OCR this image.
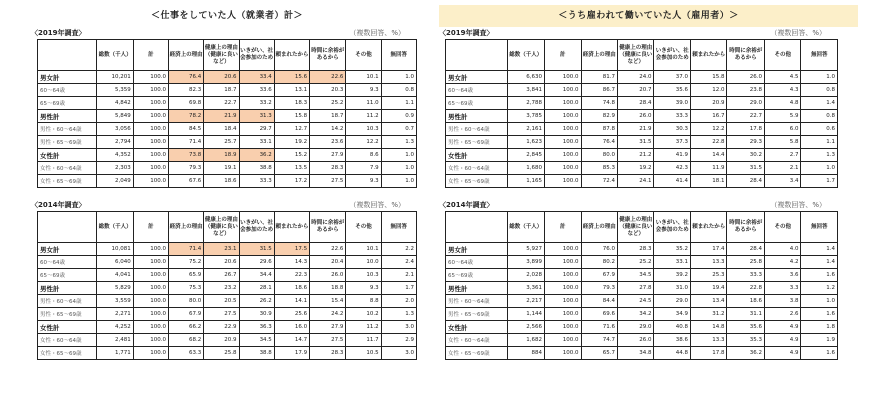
＜仕事をしていた人（就業者）計＞
〈2019年調査〉	（複数回答、%）
	総数（千人）	計	経済上の理由	健康上の理由（健康に良いなど）	いきがい、社会参加のため	頼まれたから	時間に余裕があるから	その他	無回答
男女計	10,201	100.0	76.4	20.6	33.4	15.6	22.6	10.1	1.0
60～64歳	5,359	100.0	82.3	18.7	33.6	13.1	20.3	9.3	0.8
65～69歳	4,842	100.0	69.8	22.7	33.2	18.3	25.2	11.0	1.1
男性計	5,849	100.0	78.2	21.9	31.3	15.8	18.7	11.2	0.9
男性・60～64歳	3,056	100.0	84.5	18.4	29.7	12.7	14.2	10.3	0.7
男性・65～69歳	2,794	100.0	71.4	25.7	33.1	19.2	23.6	12.2	1.3
女性計	4,352	100.0	73.8	18.9	36.2	15.2	27.9	8.6	1.0
女性・60～64歳	2,303	100.0	79.3	19.1	38.8	13.5	28.3	7.9	1.0
女性・65～69歳	2,049	100.0	67.6	18.6	33.3	17.2	27.5	9.3	1.0
〈2014年調査〉	（複数回答、%）
	総数（千人）	計	経済上の理由	健康上の理由（健康に良いなど）	いきがい、社会参加のため	頼まれたから	時間に余裕があるから	その他	無回答
男女計	10,081	100.0	71.4	23.1	31.5	17.5	22.6	10.1	2.2
60～64歳	6,040	100.0	75.2	20.6	29.6	14.3	20.4	10.0	2.4
65～69歳	4,041	100.0	65.9	26.7	34.4	22.3	26.0	10.3	2.1
男性計	5,829	100.0	75.3	23.2	28.1	18.6	18.8	9.3	1.7
男性・60～64歳	3,559	100.0	80.0	20.5	26.2	14.1	15.4	8.8	2.0
男性・65～69歳	2,271	100.0	67.9	27.5	30.9	25.6	24.2	10.2	1.3
女性計	4,252	100.0	66.2	22.9	36.3	16.0	27.9	11.2	3.0
女性・60～64歳	2,481	100.0	68.2	20.9	34.5	14.7	27.5	11.7	2.9
女性・65～69歳	1,771	100.0	63.3	25.8	38.8	17.9	28.3	10.5	3.0
＜うち雇われて働いていた人（雇用者）＞
〈2019年調査〉	（複数回答、%）
	総数（千人）	計	経済上の理由	健康上の理由（健康に良いなど）	いきがい、社会参加のため	頼まれたから	時間に余裕があるから	その他	無回答
男女計	6,630	100.0	81.7	24.0	37.0	15.8	26.0	4.5	1.0
60～64歳	3,841	100.0	86.7	20.7	35.6	12.0	23.8	4.3	0.8
65～69歳	2,788	100.0	74.8	28.4	39.0	20.9	29.0	4.8	1.4
男性計	3,785	100.0	82.9	26.0	33.3	16.7	22.7	5.9	0.8
男性・60～64歳	2,161	100.0	87.8	21.9	30.3	12.2	17.8	6.0	0.6
男性・65～69歳	1,623	100.0	76.4	31.5	37.3	22.8	29.3	5.8	1.1
女性計	2,845	100.0	80.0	21.2	41.9	14.4	30.2	2.7	1.3
女性・60～64歳	1,680	100.0	85.3	19.2	42.3	11.9	31.5	2.1	1.0
女性・65～69歳	1,165	100.0	72.4	24.1	41.4	18.1	28.4	3.4	1.7
〈2014年調査〉	（複数回答、%）
	総数（千人）	計	経済上の理由	健康上の理由（健康に良いなど）	いきがい、社会参加のため	頼まれたから	時間に余裕があるから	その他	無回答
男女計	5,927	100.0	76.0	28.3	35.2	17.4	28.4	4.0	1.4
60～64歳	3,899	100.0	80.2	25.2	33.1	13.3	25.8	4.2	1.4
65～69歳	2,028	100.0	67.9	34.5	39.2	25.3	33.3	3.6	1.6
男性計	3,361	100.0	79.3	27.8	31.0	19.4	22.8	3.3	1.2
男性・60～64歳	2,217	100.0	84.4	24.5	29.0	13.4	18.6	3.8	1.0
男性・65～69歳	1,144	100.0	69.6	34.2	34.9	31.2	31.1	2.6	1.6
女性計	2,566	100.0	71.6	29.0	40.8	14.8	35.6	4.9	1.8
女性・60～64歳	1,682	100.0	74.7	26.0	38.6	13.3	35.3	4.9	1.9
女性・65～69歳	884	100.0	65.7	34.8	44.8	17.8	36.2	4.9	1.6
